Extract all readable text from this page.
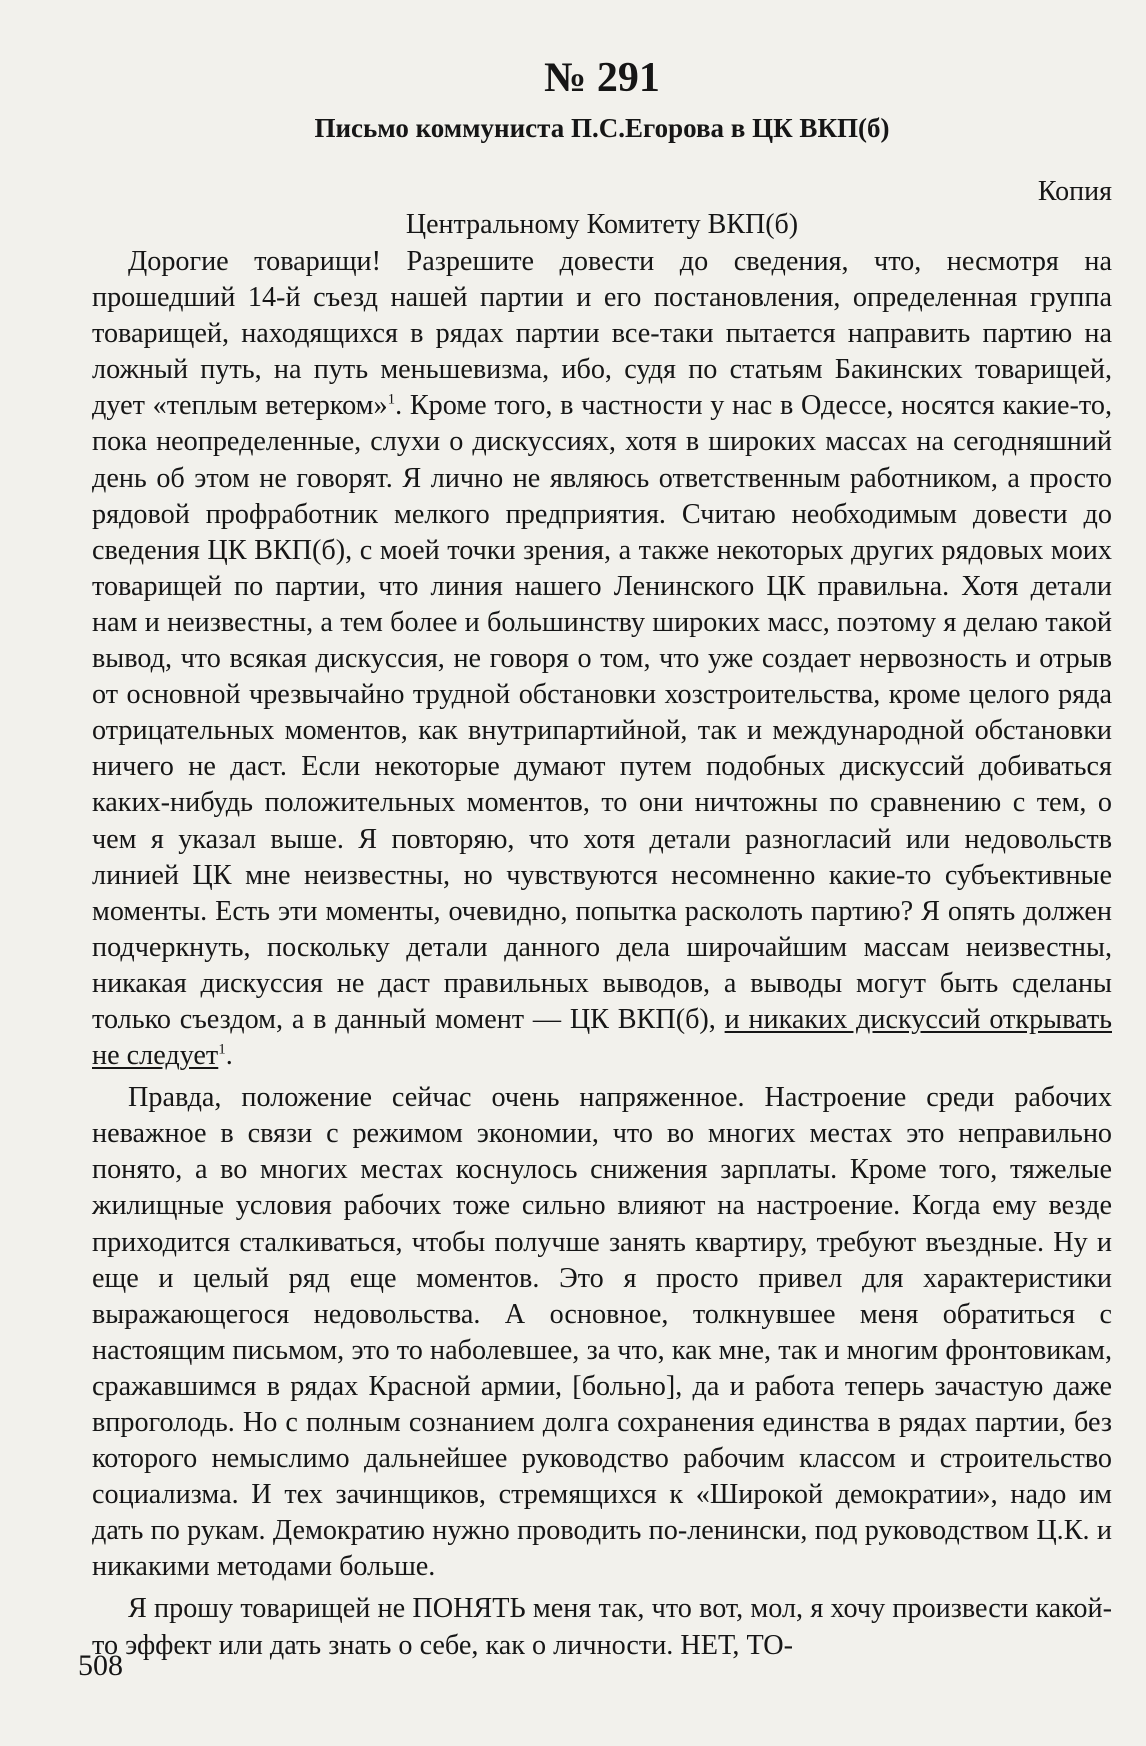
№ 291

Письмо коммуниста П.С.Егорова в ЦК ВКП(б)

Копия

Центральному Комитету ВКП(б)

Дорогие товарищи! Разрешите довести до сведения, что, несмотря на прошедший 14-й съезд нашей партии и его постановления, определенная группа товарищей, находящихся в рядах партии все-таки пытается направить партию на ложный путь, на путь меньшевизма, ибо, судя по статьям Бакинских товарищей, дует «теплым ветерком»$^1$. Кроме того, в частности у нас в Одессе, носятся какие-то, пока неопределенные, слухи о дискуссиях, хотя в широких массах на сегодняшний день об этом не говорят. Я лично не являюсь ответственным работником, а просто рядовой профработник мелкого предприятия. Считаю необходимым довести до сведения ЦК ВКП(б), с моей точки зрения, а также некоторых других рядовых моих товарищей по партии, что линия нашего Ленинского ЦК правильна. Хотя детали нам и неизвестны, а тем более и большинству широких масс, поэтому я делаю такой вывод, что всякая дискуссия, не говоря о том, что уже создает нервозность и отрыв от основной чрезвычайно трудной обстановки хозстроительства, кроме целого ряда отрицательных моментов, как внутрипартийной, так и международной обстановки ничего не даст. Если некоторые думают путем подобных дискуссий добиваться каких-нибудь положительных моментов, то они ничтожны по сравнению с тем, о чем я указал выше. Я повторяю, что хотя детали разногласий или недовольств линией ЦК мне неизвестны, но чувствуются несомненно какие-то субъективные моменты. Есть эти моменты, очевидно, попытка расколоть партию? Я опять должен подчеркнуть, поскольку детали данного дела широчайшим массам неизвестны, никакая дискуссия не даст правильных выводов, а выводы могут быть сделаны только съездом, а в данный момент — ЦК ВКП(б), и никаких дискуссий открывать не следует$^1$.

Правда, положение сейчас очень напряженное. Настроение среди рабочих неважное в связи с режимом экономии, что во многих местах это неправильно понято, а во многих местах коснулось снижения зарплаты. Кроме того, тяжелые жилищные условия рабочих тоже сильно влияют на настроение. Когда ему везде приходится сталкиваться, чтобы получше занять квартиру, требуют въездные. Ну и еще и целый ряд еще моментов. Это я просто привел для характеристики выражающегося недовольства. А основное, толкнувшее меня обратиться с настоящим письмом, это то наболевшее, за что, как мне, так и многим фронтовикам, сражавшимся в рядах Красной армии, [больно], да и работа теперь зачастую даже впроголодь. Но с полным сознанием долга сохранения единства в рядах партии, без которого немыслимо дальнейшее руководство рабочим классом и строительство социализма. И тех зачинщиков, стремящихся к «Широкой демократии», надо им дать по рукам. Демократию нужно проводить по-ленински, под руководством Ц.К. и никакими методами больше.

Я прошу товарищей не ПОНЯТЬ меня так, что вот, мол, я хочу произвести какой-то эффект или дать знать о себе, как о личности. НЕТ, ТО-

508
